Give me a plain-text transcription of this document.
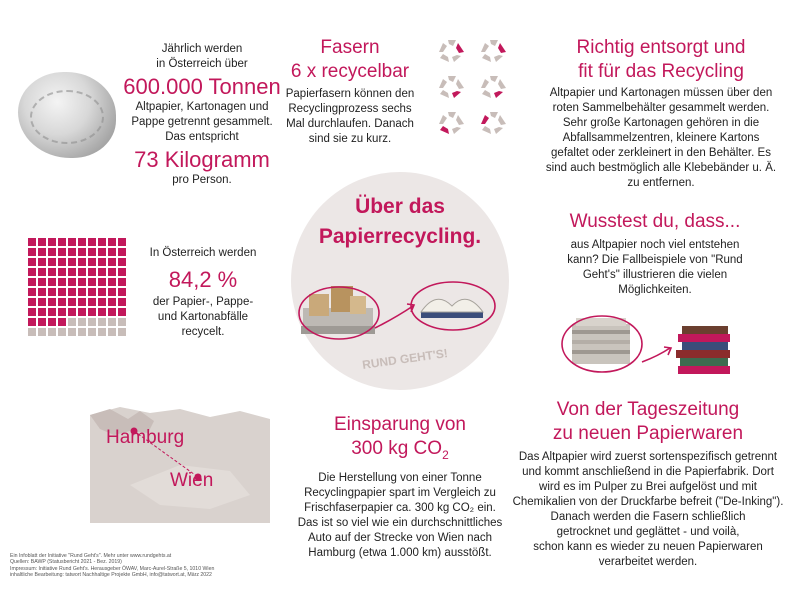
Jährlich werden
in Österreich über
600.000 Tonnen
Altpapier, Kartonagen und
Pappe getrennt gesammelt.
Das entspricht
73 Kilogramm
pro Person.
Fasern
6 x recycelbar
Papierfasern können den
Recyclingprozess sechs
Mal durchlaufen. Danach
sind sie zu kurz.
Richtig entsorgt und
fit für das Recycling
Altpapier und Kartonagen müssen über den
roten Sammelbehälter gesammelt werden.
Sehr große Kartonagen gehören in die
Abfallsammelzentren, kleinere Kartons
gefaltet oder zerkleinert in den Behälter. Es
sind auch bestmöglich alle Klebebänder u. Ä.
zu entfernen.
In Österreich werden
84,2 %
der Papier-, Pappe-
und Kartonabfälle
recycelt.
Über das
Papierrecycling.
RUND GEHT'S!
Wusstest du, dass...
aus Altpapier noch viel entstehen
kann? Die Fallbeispiele von "Rund
Geht's" illustrieren die vielen
Möglichkeiten.
Von der Tageszeitung
zu neuen Papierwaren
Das Altpapier wird zuerst sortenspezifisch getrennt
und kommt anschließend in die Papierfabrik. Dort
wird es im Pulper zu Brei aufgelöst und mit
Chemikalien von der Druckfarbe befreit ("De-Inking").
Danach werden die Fasern schließlich
getrocknet und geglättet - und voilà,
schon kann es wieder zu neuen Papierwaren
verarbeitet werden.
Hamburg
Wien
Einsparung von
300 kg $CO_2$
Die Herstellung von einer Tonne
Recyclingpapier spart im Vergleich zu
Frischfaserpapier ca. 300 kg CO₂ ein.
Das ist so viel wie ein durchschnittliches
Auto auf der Strecke von Wien nach
Hamburg (etwa 1.000 km) ausstößt.
Ein Infoblatt der Initiative "Rund Geht's". Mehr unter www.rundgehts.at
Quellen: BAWP (Statusbericht 2021 - Bez. 2019)
Impressum: Initiative Rund Geht's. Herausgeber ÖWAV, Marc-Aurel-Straße 5, 1010 Wien
inhaltliche Bearbeitung: tatwort Nachhaltige Projekte GmbH, info@tatwort.at, März 2022
